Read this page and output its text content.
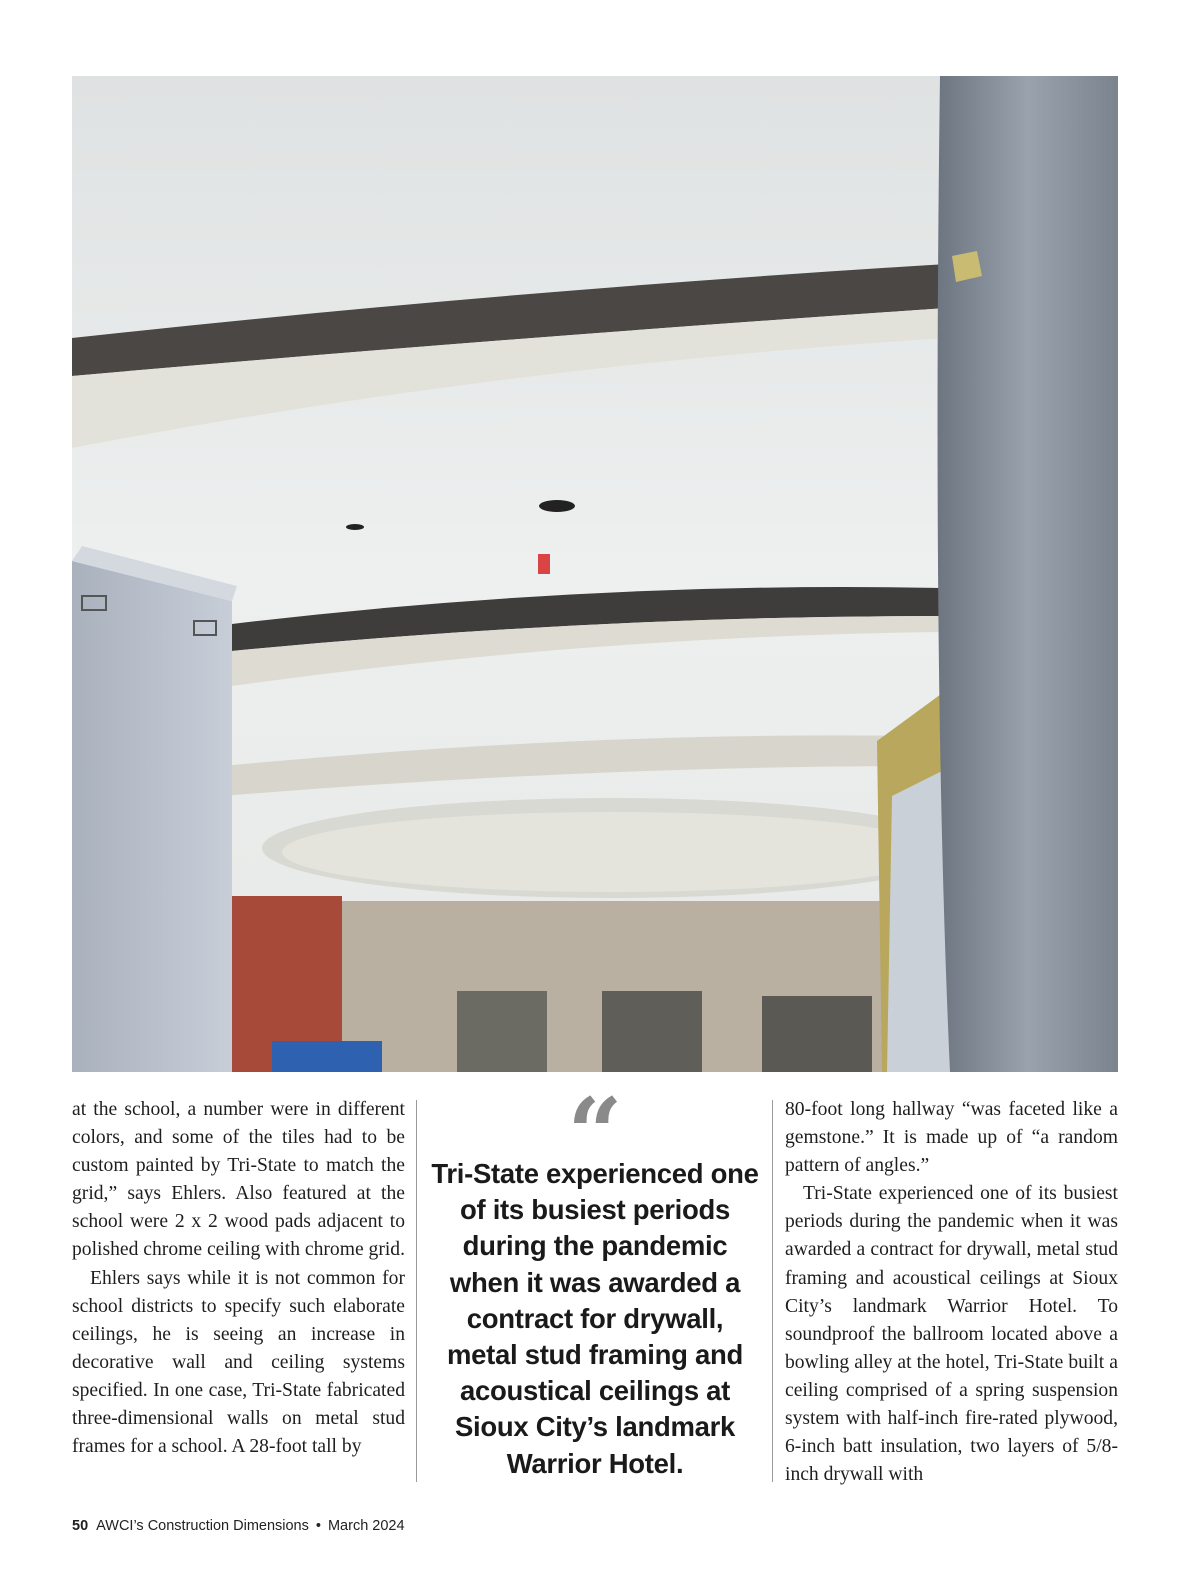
at the school, a number were in different colors, and some of the tiles had to be custom painted by Tri-State to match the grid,” says Ehlers. Also featured at the school were 2 x 2 wood pads adjacent to polished chrome ceiling with chrome grid.

Ehlers says while it is not common for school districts to specify such elaborate ceilings, he is seeing an increase in decorative wall and ceiling systems specified. In one case, Tri-State fabricated three-dimensional walls on metal stud frames for a school. A 28-foot tall by

“
Tri-State experienced one of its busiest periods during the pandemic when it was awarded a contract for drywall, metal stud framing and acoustical ceilings at Sioux City’s landmark Warrior Hotel.

80-foot long hallway “was faceted like a gemstone.” It is made up of “a random pattern of angles.”

Tri-State experienced one of its busiest periods during the pandemic when it was awarded a contract for drywall, metal stud framing and acoustical ceilings at Sioux City’s landmark Warrior Hotel. To soundproof the ballroom located above a bowling alley at the hotel, Tri-State built a ceiling comprised of a spring suspension system with half-inch fire-rated plywood, 6-inch batt insulation, two layers of 5/8-inch drywall with

50 AWCI’s Construction Dimensions • March 2024
